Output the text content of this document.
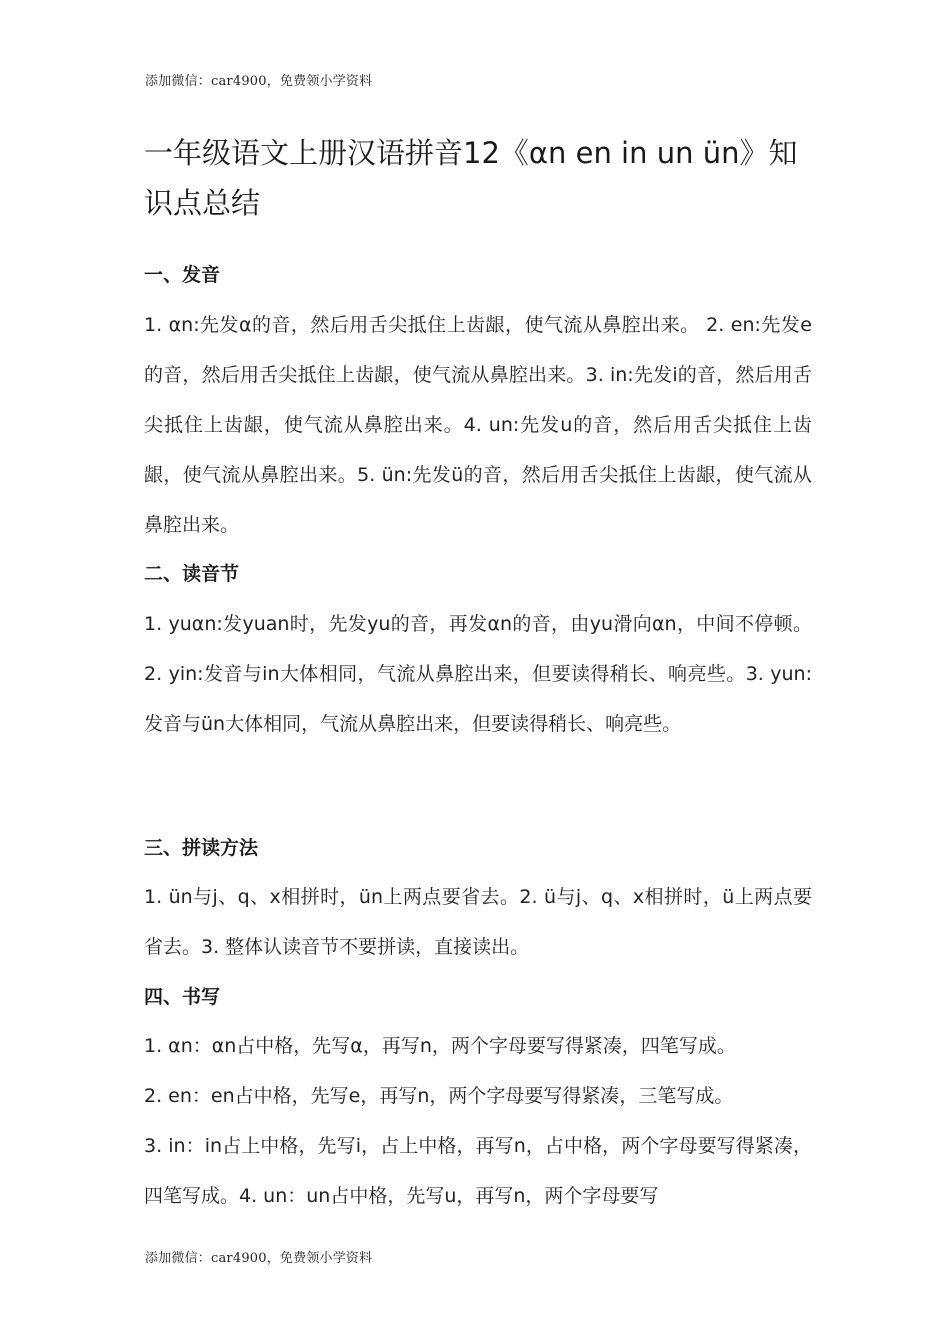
添加微信：car4900，免费领小学资料
一年级语文上册汉语拼音12《αn en in un ün》知识点总结
一、发音

1. αn:先发α的音，然后用舌尖抵住上齿龈，使气流从鼻腔出来。 2. en:先发e的音，然后用舌尖抵住上齿龈，使气流从鼻腔出来。3. in:先发i的音，然后用舌尖抵住上齿龈，使气流从鼻腔出来。4. un:先发u的音，然后用舌尖抵住上齿龈，使气流从鼻腔出来。5. ün:先发ü的音，然后用舌尖抵住上齿龈，使气流从鼻腔出来。

二、读音节

1. yuαn:发yuan时，先发yu的音，再发αn的音，由yu滑向αn，中间不停顿。2. yin:发音与in大体相同，气流从鼻腔出来，但要读得稍长、响亮些。3. yun:发音与ün大体相同，气流从鼻腔出来，但要读得稍长、响亮些。

三、拼读方法

1. ün与j、q、x相拼时，ün上两点要省去。2. ü与j、q、x相拼时，ü上两点要省去。3. 整体认读音节不要拼读，直接读出。

四、书写

1. αn：αn占中格，先写α，再写n，两个字母要写得紧凑，四笔写成。

2. en：en占中格，先写e，再写n，两个字母要写得紧凑，三笔写成。

3. in：in占上中格，先写i，占上中格，再写n，占中格，两个字母要写得紧凑，四笔写成。4. un：un占中格，先写u，再写n，两个字母要写

添加微信：car4900，免费领小学资料
